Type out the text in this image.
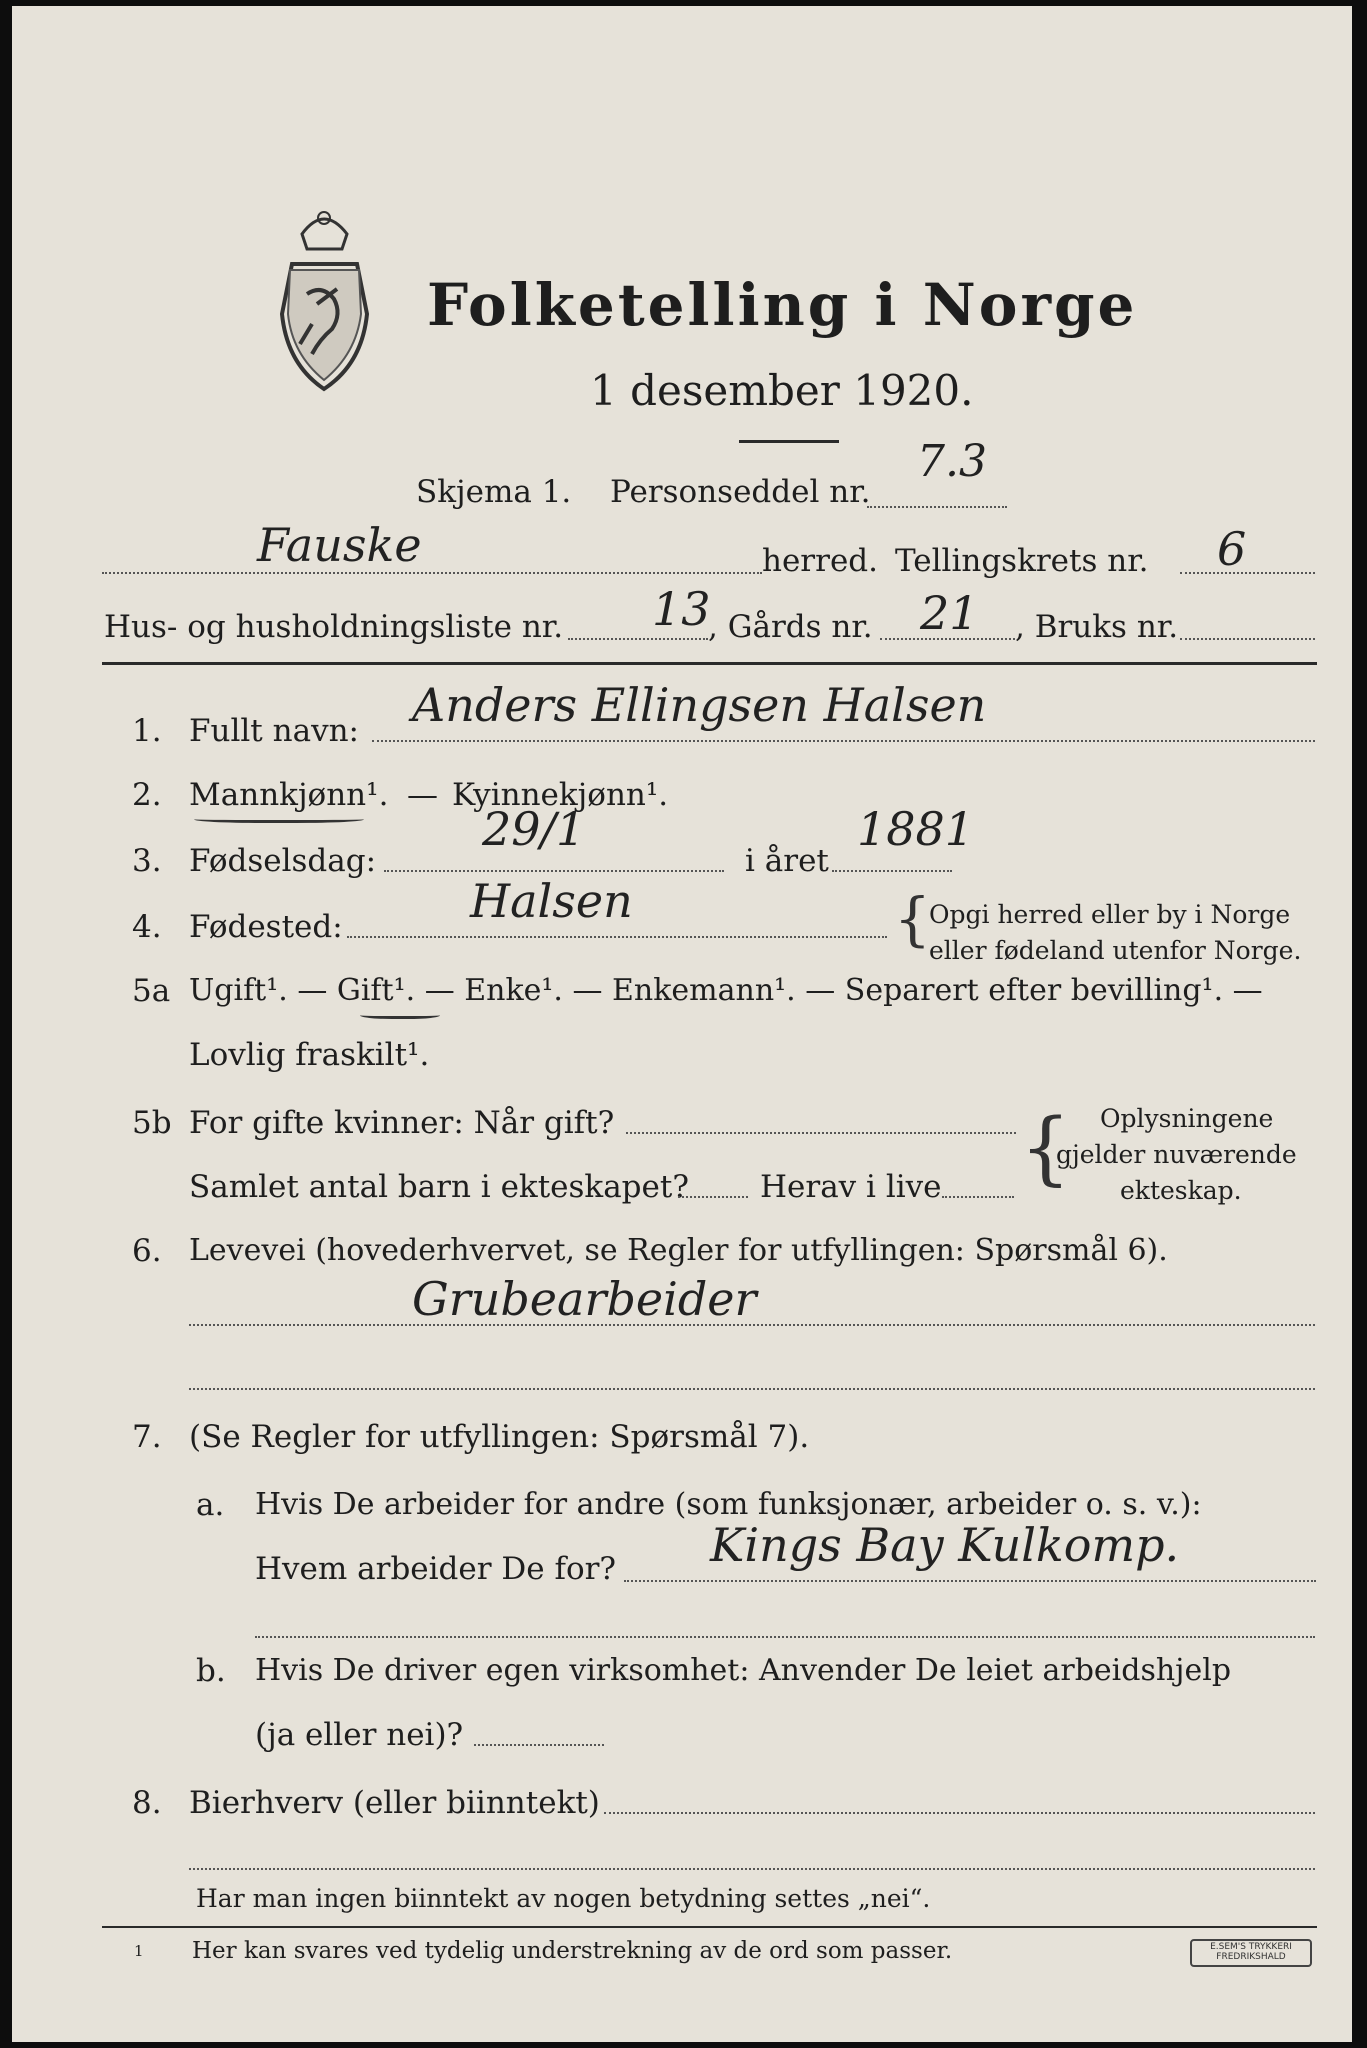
Folketelling i Norge
1 desember 1920.
Skjema 1. Personseddel nr.
7.3
Fauske	herred. Tellingskrets nr. 6
Hus- og husholdningsliste nr. 13
, Gårds nr. 21 , Bruks nr.
1. Fullt navn: Anders Ellingsen Halsen
2. Mannkjønn¹. — Kyinnekjønn¹.
3. Fødselsdag:
29/1
i året
1881
4. Fødested:	Halsen	{
Opgi herred eller by i Norge
eller fødeland utenfor Norge.
5a Ugift¹. — Gift¹. — Enke¹. — Enkemann¹. — Separert efter bevilling¹. —
Lovlig fraskilt¹.
5b For gifte kvinner: Når gift?
Samlet antal barn i ekteskapet? Herav i live { Oplysningene
gjelder nuværende
ekteskap.
6. Levevei (hovederhvervet, se Regler for utfyllingen: Spørsmål 6).
Grubearbeider
7. (Se Regler for utfyllingen: Spørsmål 7).
a. Hvis De arbeider for andre (som funksjonær, arbeider o. s. v.):
Hvem arbeider De for? Kings Bay Kulkomp.
b. Hvis De driver egen virksomhet: Anvender De leiet arbeidshjelp
(ja eller nei)?
8. Bierhverv (eller biinntekt)
Har man ingen biinntekt av nogen betydning settes „nei“.
1 Her kan svares ved tydelig understrekning av de ord som passer.	E.SEM'S TRYKKERI
FREDRIKSHALD
